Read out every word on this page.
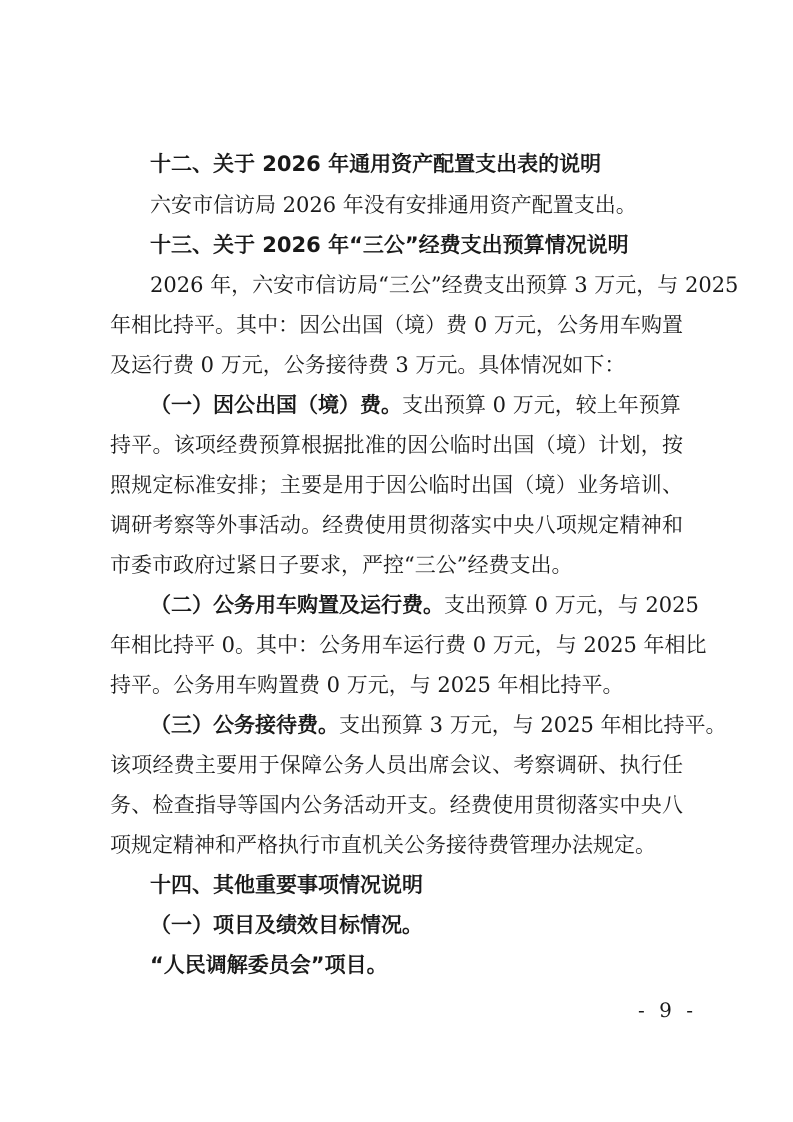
十二、关于 2026 年通用资产配置支出表的说明
六安市信访局 2026 年没有安排通用资产配置支出。
十三、关于 2026 年“三公”经费支出预算情况说明
2026 年，六安市信访局“三公”经费支出预算 3 万元，与 2025
年相比持平。其中：因公出国（境）费 0 万元，公务用车购置
及运行费 0 万元，公务接待费 3 万元。具体情况如下：
（一）因公出国（境）费。支出预算 0 万元，较上年预算
持平。该项经费预算根据批准的因公临时出国（境）计划，按
照规定标准安排；主要是用于因公临时出国（境）业务培训、
调研考察等外事活动。经费使用贯彻落实中央八项规定精神和
市委市政府过紧日子要求，严控“三公”经费支出。
（二）公务用车购置及运行费。支出预算 0 万元，与 2025
年相比持平 0。其中：公务用车运行费 0 万元，与 2025 年相比
持平。公务用车购置费 0 万元，与 2025 年相比持平。
（三）公务接待费。支出预算 3 万元，与 2025 年相比持平。
该项经费主要用于保障公务人员出席会议、考察调研、执行任
务、检查指导等国内公务活动开支。经费使用贯彻落实中央八
项规定精神和严格执行市直机关公务接待费管理办法规定。
十四、其他重要事项情况说明
（一）项目及绩效目标情况。
“人民调解委员会”项目。
- 9 -
